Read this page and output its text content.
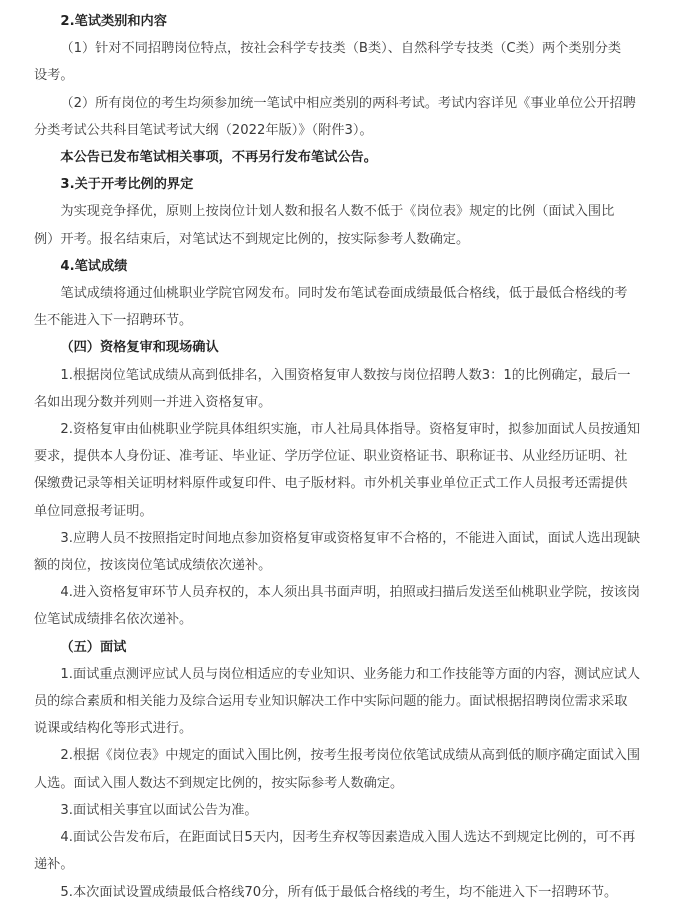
2.笔试类别和内容
（1）针对不同招聘岗位特点，按社会科学专技类（B类）、自然科学专技类（C类）两个类别分类
设考。
（2）所有岗位的考生均须参加统一笔试中相应类别的两科考试。考试内容详见《事业单位公开招聘
分类考试公共科目笔试考试大纲（2022年版）》（附件3）。
本公告已发布笔试相关事项，不再另行发布笔试公告。
3.关于开考比例的界定
为实现竞争择优，原则上按岗位计划人数和报名人数不低于《岗位表》规定的比例（面试入围比
例）开考。报名结束后，对笔试达不到规定比例的，按实际参考人数确定。
4.笔试成绩
笔试成绩将通过仙桃职业学院官网发布。同时发布笔试卷面成绩最低合格线，低于最低合格线的考
生不能进入下一招聘环节。
（四）资格复审和现场确认
1.根据岗位笔试成绩从高到低排名，入围资格复审人数按与岗位招聘人数3：1的比例确定，最后一
名如出现分数并列则一并进入资格复审。
2.资格复审由仙桃职业学院具体组织实施，市人社局具体指导。资格复审时，拟参加面试人员按通知
要求，提供本人身份证、准考证、毕业证、学历学位证、职业资格证书、职称证书、从业经历证明、社
保缴费记录等相关证明材料原件或复印件、电子版材料。市外机关事业单位正式工作人员报考还需提供
单位同意报考证明。
3.应聘人员不按照指定时间地点参加资格复审或资格复审不合格的，不能进入面试，面试人选出现缺
额的岗位，按该岗位笔试成绩依次递补。
4.进入资格复审环节人员弃权的，本人须出具书面声明，拍照或扫描后发送至仙桃职业学院，按该岗
位笔试成绩排名依次递补。
（五）面试
1.面试重点测评应试人员与岗位相适应的专业知识、业务能力和工作技能等方面的内容，测试应试人
员的综合素质和相关能力及综合运用专业知识解决工作中实际问题的能力。面试根据招聘岗位需求采取
说课或结构化等形式进行。
2.根据《岗位表》中规定的面试入围比例，按考生报考岗位依笔试成绩从高到低的顺序确定面试入围
人选。面试入围人数达不到规定比例的，按实际参考人数确定。
3.面试相关事宜以面试公告为准。
4.面试公告发布后，在距面试日5天内，因考生弃权等因素造成入围人选达不到规定比例的，可不再
递补。
5.本次面试设置成绩最低合格线70分，所有低于最低合格线的考生，均不能进入下一招聘环节。
